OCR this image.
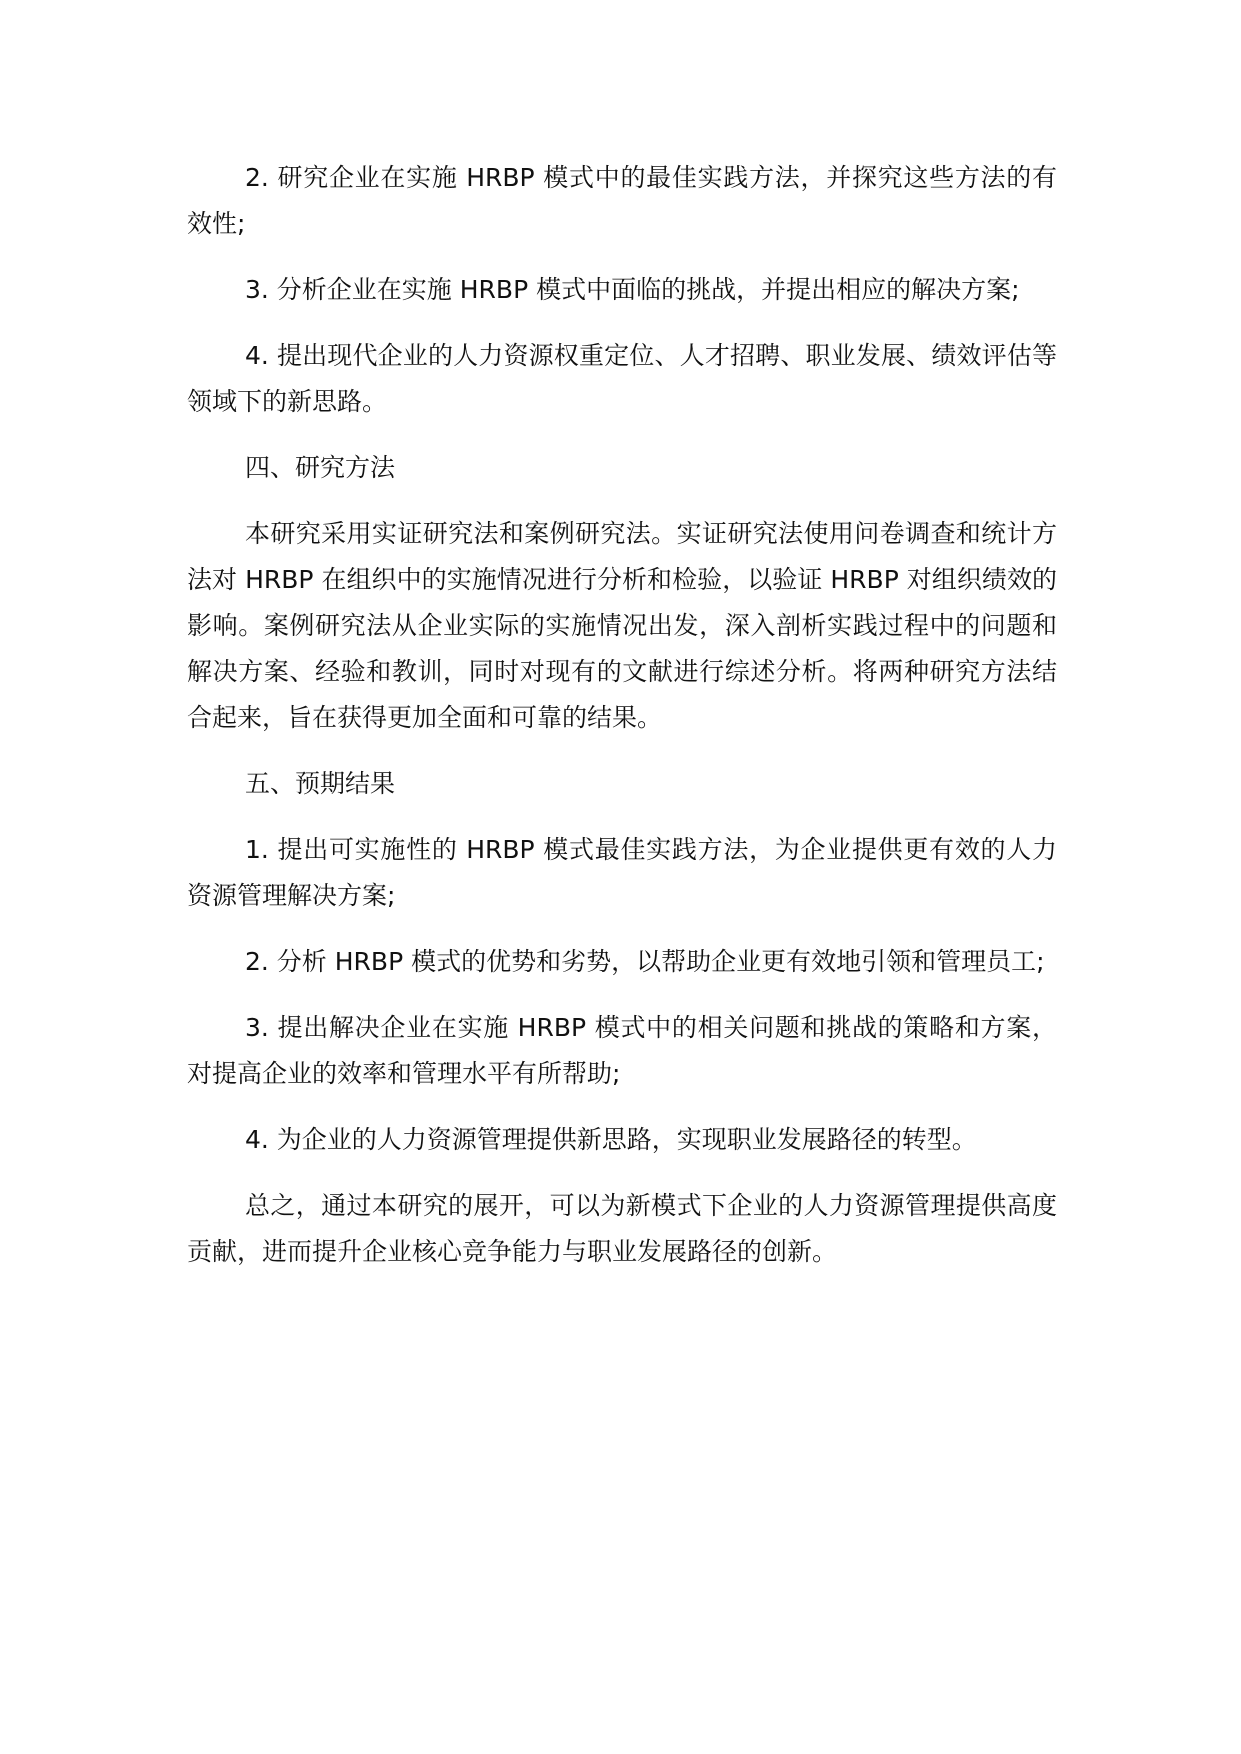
2. 研究企业在实施 HRBP 模式中的最佳实践方法，并探究这些方法的有效性;

3. 分析企业在实施 HRBP 模式中面临的挑战，并提出相应的解决方案;

4. 提出现代企业的人力资源权重定位、人才招聘、职业发展、绩效评估等领域下的新思路。

四、研究方法

本研究采用实证研究法和案例研究法。实证研究法使用问卷调查和统计方法对 HRBP 在组织中的实施情况进行分析和检验，以验证 HRBP 对组织绩效的影响。案例研究法从企业实际的实施情况出发，深入剖析实践过程中的问题和解决方案、经验和教训，同时对现有的文献进行综述分析。将两种研究方法结合起来，旨在获得更加全面和可靠的结果。

五、预期结果

1. 提出可实施性的 HRBP 模式最佳实践方法，为企业提供更有效的人力资源管理解决方案;

2. 分析 HRBP 模式的优势和劣势，以帮助企业更有效地引领和管理员工;

3. 提出解决企业在实施 HRBP 模式中的相关问题和挑战的策略和方案，对提高企业的效率和管理水平有所帮助;

4. 为企业的人力资源管理提供新思路，实现职业发展路径的转型。

总之，通过本研究的展开，可以为新模式下企业的人力资源管理提供高度贡献，进而提升企业核心竞争能力与职业发展路径的创新。
